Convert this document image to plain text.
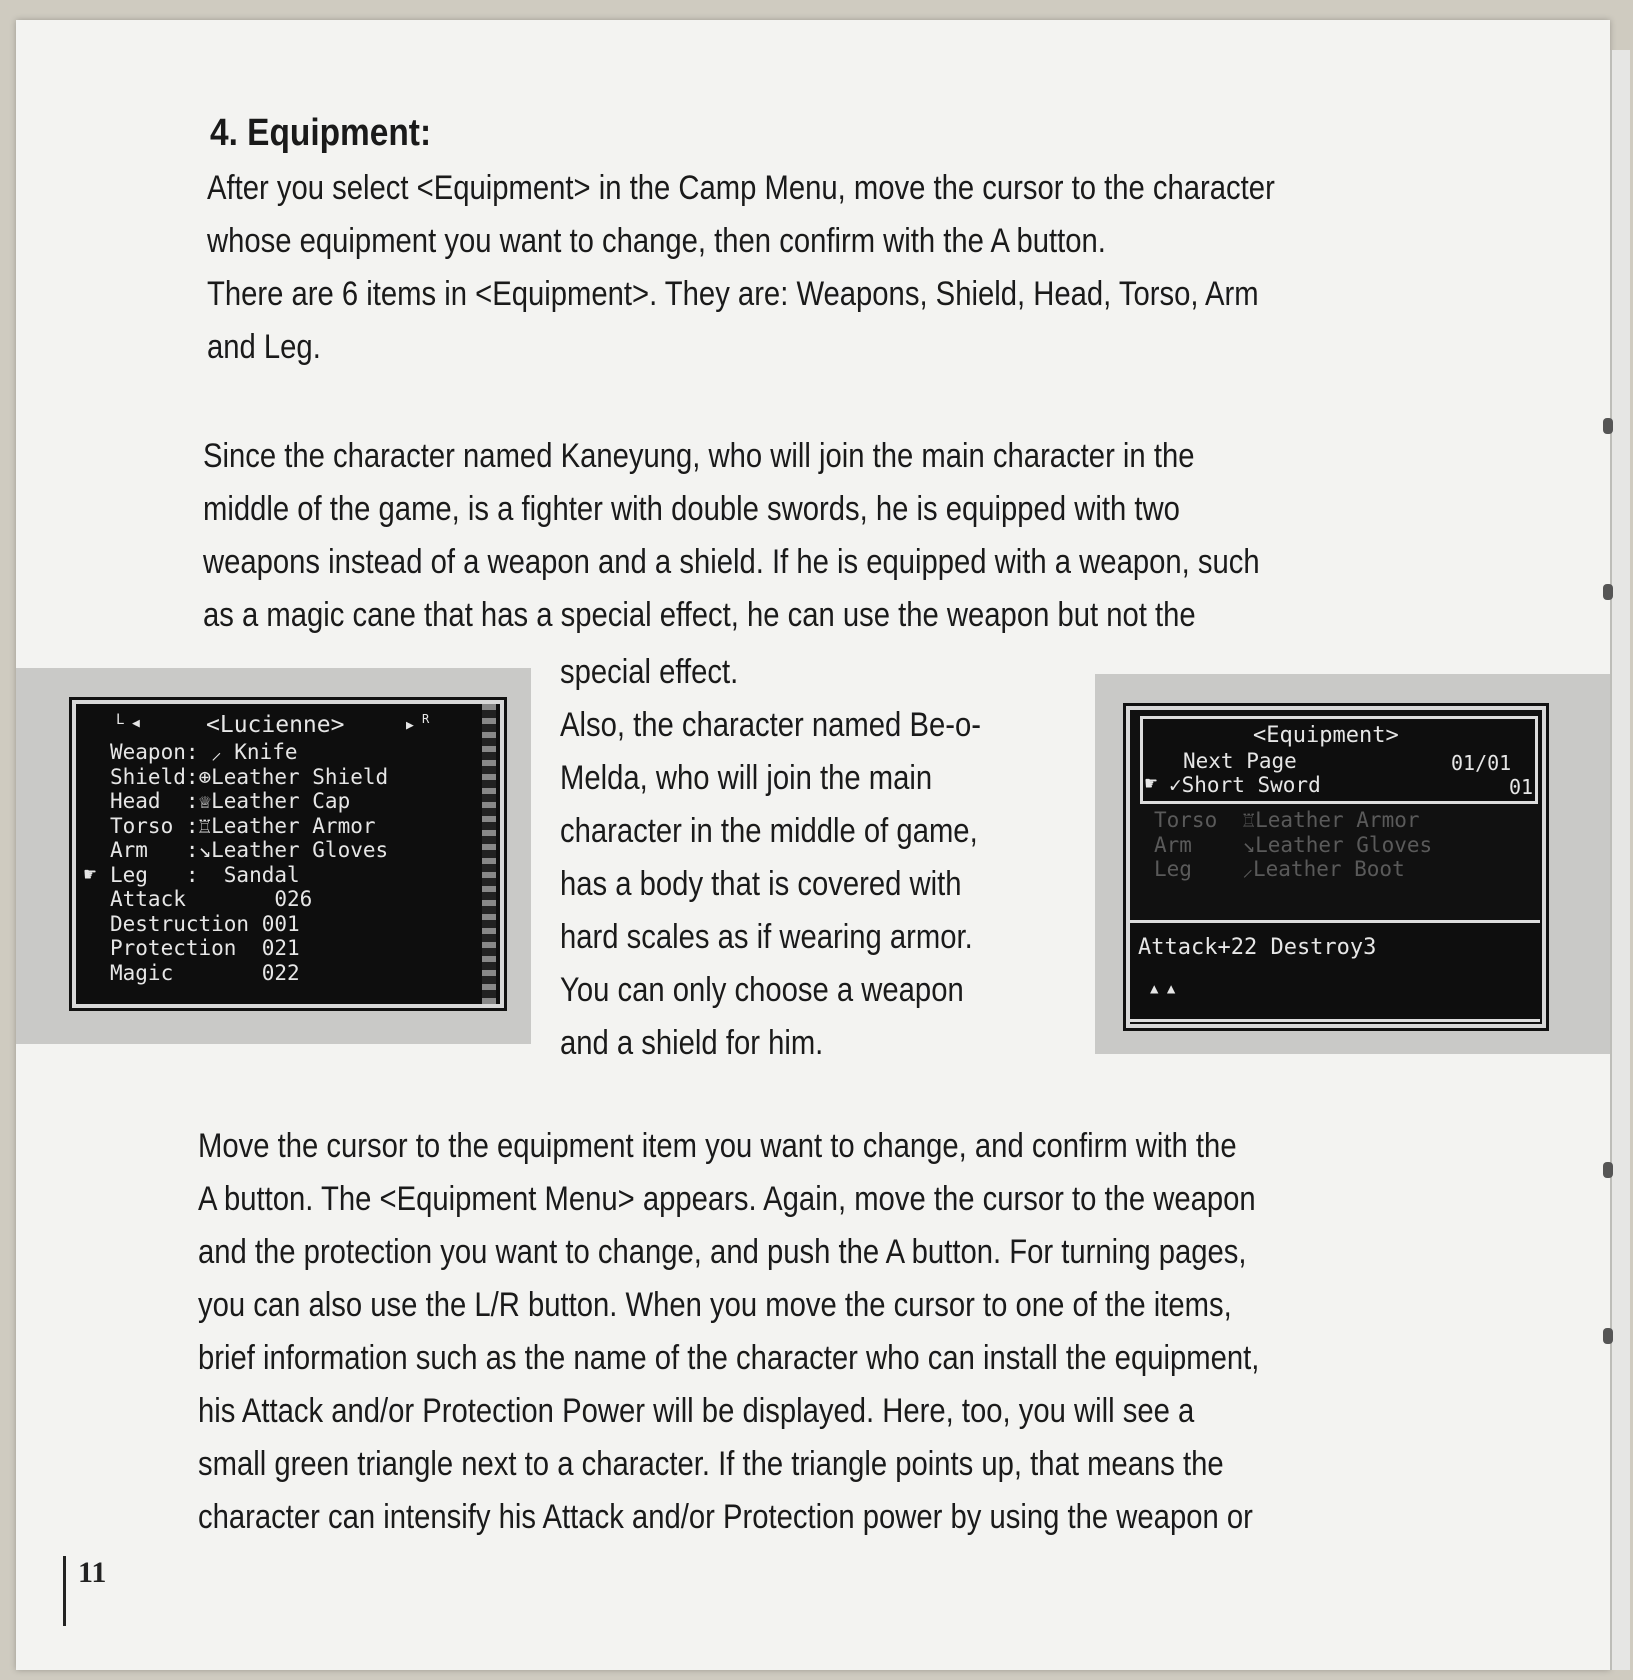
4. Equipment:
After you select <Equipment> in the Camp Menu, move the cursor to the character
whose equipment you want to change, then confirm with the A button.
There are 6 items in <Equipment>. They are: Weapons, Shield, Head, Torso, Arm
and Leg.
Since the character named Kaneyung, who will join the main character in the
middle of the game, is a fighter with double swords, he is equipped with two
weapons instead of a weapon and a shield. If he is equipped with a weapon, such
as a magic cane that has a special effect, he can use the weapon but not the
L ◀	<Lucienne>	▶ R
Weapon: ⸝ Knife
Shield:⊕Leather Shield
Head  :♕Leather Cap
Torso :♖Leather Armor
Arm   :↘Leather Gloves
Leg   :  Sandal
Attack       026
Destruction 001
Protection  021
Magic       022
☛
special effect.
Also, the character named Be-o-
Melda, who will join the main
character in the middle of game,
has a body that is covered with
hard scales as if wearing armor.
You can only choose a weapon
and a shield for him.
<Equipment>
Next Page	01/01
✓Short Sword	01
☛
Torso  ♖Leather Armor
Arm    ↘Leather Gloves
Leg    ⸝Leather Boot
Attack+22 Destroy3
▲ ▲
Move the cursor to the equipment item you want to change, and confirm with the
A button. The <Equipment Menu> appears. Again, move the cursor to the weapon
and the protection you want to change, and push the A button. For turning pages,
you can also use the L/R button. When you move the cursor to one of the items,
brief information such as the name of the character who can install the equipment,
his Attack and/or Protection Power will be displayed. Here, too, you will see a
small green triangle next to a character. If the triangle points up, that means the
character can intensify his Attack and/or Protection power by using the weapon or
11
